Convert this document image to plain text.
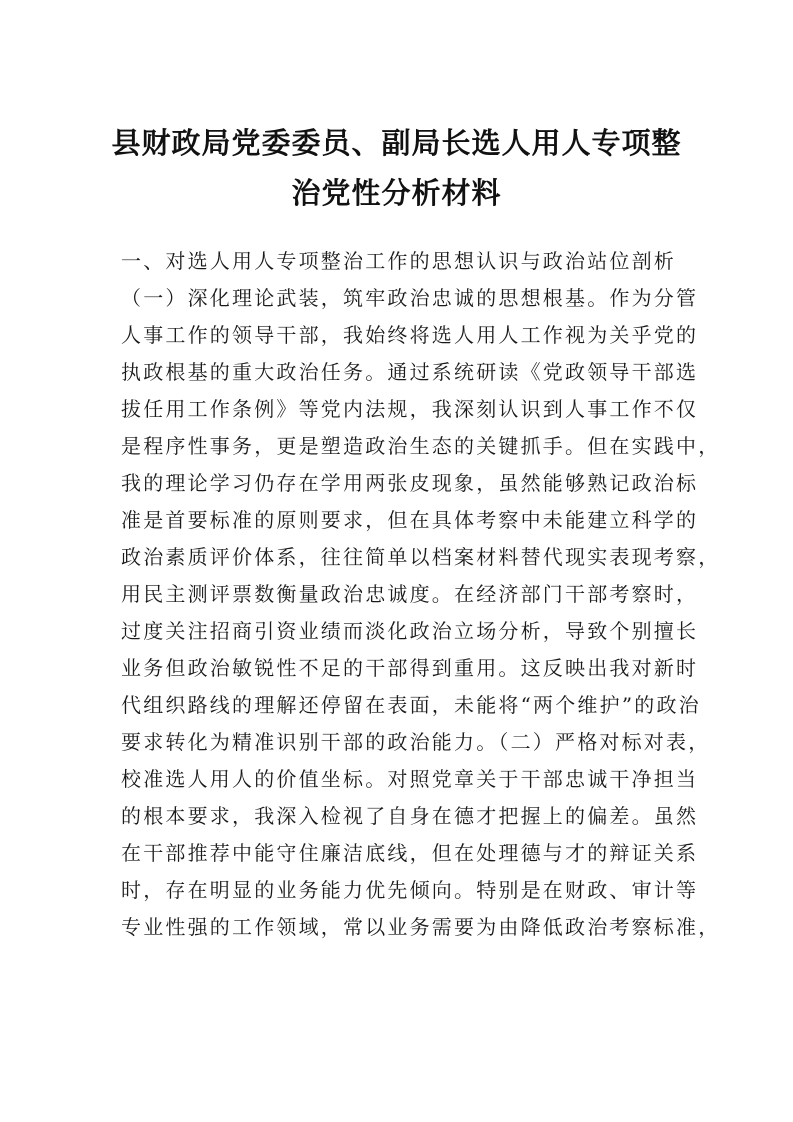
县财政局党委委员、副局长选人用人专项整
治党性分析材料
一、对选人用人专项整治工作的思想认识与政治站位剖析
（一）深化理论武装，筑牢政治忠诚的思想根基。作为分管
人事工作的领导干部，我始终将选人用人工作视为关乎党的
执政根基的重大政治任务。通过系统研读《党政领导干部选
拔任用工作条例》等党内法规，我深刻认识到人事工作不仅
是程序性事务，更是塑造政治生态的关键抓手。但在实践中，
我的理论学习仍存在学用两张皮现象，虽然能够熟记政治标
准是首要标准的原则要求，但在具体考察中未能建立科学的
政治素质评价体系，往往简单以档案材料替代现实表现考察，
用民主测评票数衡量政治忠诚度。在经济部门干部考察时，
过度关注招商引资业绩而淡化政治立场分析，导致个别擅长
业务但政治敏锐性不足的干部得到重用。这反映出我对新时
代组织路线的理解还停留在表面，未能将“两个维护”的政治
要求转化为精准识别干部的政治能力。（二）严格对标对表，
校准选人用人的价值坐标。对照党章关于干部忠诚干净担当
的根本要求，我深入检视了自身在德才把握上的偏差。虽然
在干部推荐中能守住廉洁底线，但在处理德与才的辩证关系
时，存在明显的业务能力优先倾向。特别是在财政、审计等
专业性强的工作领域，常以业务需要为由降低政治考察标准，
